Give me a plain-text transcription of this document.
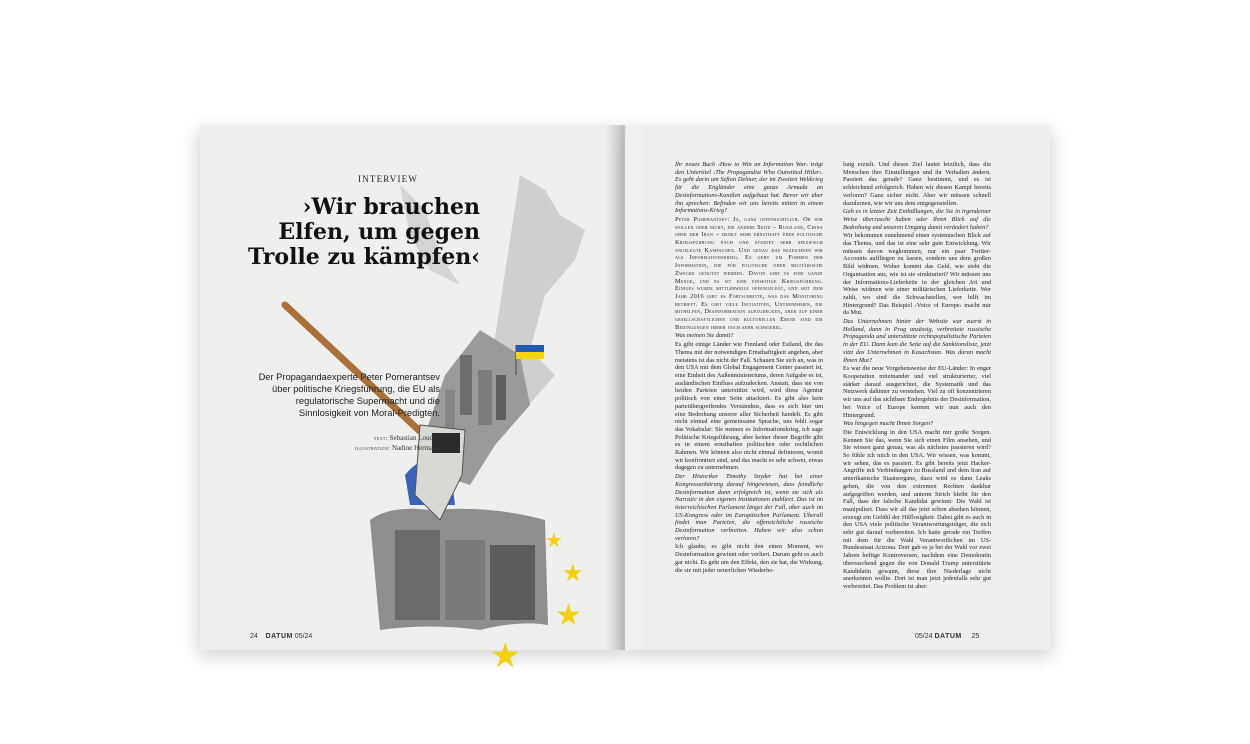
INTERVIEW
★
★
★
★
›Wir brauchen Elfen, um gegen Trolle zu kämpfen‹

Der Propagandaexperte Peter Pomerantsev über politische Kriegsführung, die EU als regulatorische Supermacht und die Sinnlosigkeit von Moral-Predigten.

text: Sebastian Loudon
illustration: Nadine Hermann
24 DATUM 05/24

Ihr neues Buch ›How to Win an Information War‹ trägt den Untertitel ›The Propagandist Who Outwitted Hitler‹. Es geht darin um Sefton Delmer, der im Zweiten Weltkrieg für die Engländer eine ganze Armada an Desinformations-Kanälen aufgebaut hat. Bevor wir über ihn sprechen: Befinden wir uns bereits mitten in einem Informations-Krieg?

Peter Pomerantsev: Ja, ganz offensichtlich. Ob wir wollen oder nicht, die andere Seite – Russland, China oder der Iran – denkt sehr ernsthaft über politische Kriegsführung nach und startet sehr spezifisch angelegte Kampagnen. Und genau das bezeichnen wir als Informationskrieg. Es geht um Formen der Information, die für politische oder militärische Zwecke genutzt werden. Davon gibt es eine ganze Menge, und es ist eine einseitige Kriegsführung. Einiges wurde mittlerweile offengelegt, und seit dem Jahr 2016 gibt es Fortschritte, was das Monitoring betrifft. Es gibt viele Initiativen, Unternehmen, die mithelfen, Desinformation aufzudecken, aber auf einer gesellschaftlichen und kulturellen Ebene sind die Bedingungen immer noch sehr schwierig.

Was meinen Sie damit?

Es gibt einige Länder wie Finnland oder Estland, die das Thema mit der notwendigen Ernsthaftigkeit angehen, aber meistens ist das nicht der Fall. Schauen Sie sich an, was in den USA mit dem Global Engagement Center passiert ist, eine Einheit des Außenministeriums, deren Aufgabe es ist, ausländischen Einfluss aufzudecken. Anstatt, dass sie von beiden Parteien unterstützt wird, wird diese Agentur politisch von einer Seite attackiert. Es gibt also kein parteiübergreifendes Verständnis, dass es sich hier um eine Bedrohung unserer aller Sicherheit handelt. Es gibt nicht einmal eine gemeinsame Sprache, uns fehlt sogar das Vokabular: Sie nennen es Informationskrieg, ich sage Politische Kriegsführung, aber keiner dieser Begriffe gibt es in einem ernsthaften politischen oder rechtlichen Rahmen. Wir können also nicht einmal definieren, womit wir konfrontiert sind, und das macht es sehr schwer, etwas dagegen zu unternehmen.

Der Historiker Timothy Snyder hat bei einer Kongressanhörung darauf hingewiesen, dass feindliche Desinformation dann erfolgreich ist, wenn sie sich als Narrativ in den eigenen Institutionen etabliert. Das ist im österreichischen Parlament längst der Fall, aber auch im US-Kongress oder im Europäischen Parlament. Überall findet man Parteien, die offensichtliche russische Desinformation verbreiten. Haben wir also schon verloren?

Ich glaube, es gibt nicht den einen Moment, wo Desinformation gewinnt oder verliert. Darum geht es auch gar nicht. Es geht um den Effekt, den sie hat, die Wirkung, die sie mit jeder neuerlichen Wiederho-

lung erzielt. Und dieses Ziel lautet letztlich, dass die Menschen ihre Einstellungen und ihr Verhalten ändern. Passiert das gerade? Ganz bestimmt, und es ist schleichend erfolgreich. Haben wir diesen Kampf bereits verloren? Ganz sicher nicht. Aber wir müssen schnell dazulernen, wie wir uns dem entgegenstellen.

Gab es in letzter Zeit Enthüllungen, die Sie in irgendeiner Weise überrascht haben oder Ihren Blick auf die Bedrohung und unseren Umgang damit verändert haben?

Wir bekommen zunehmend einen systemischen Blick auf das Thema, und das ist eine sehr gute Entwicklung. Wir müssen davon wegkommen, nur ein paar Twitter-Accounts auffliegen zu lassen, sondern uns dem großen Bild widmen. Woher kommt das Geld, wie sieht die Organisation aus, wie ist sie strukturiert? Wir müssen uns der Informations-Lieferkette in der gleichen Art und Weise widmen wie einer militärischen Lieferkette. Wer zahlt, wo sind die Schwachstellen, wer hilft im Hintergrund? Das Beispiel ›Voice of Europe‹ macht mir da Mut.

Das Unternehmen hinter der Website war zuerst in Holland, dann in Prag ansässig, verbreitete russische Propaganda und unterstützte rechtspopulistische Parteien in der EU. Dann kam die Seite auf die Sanktionsliste, jetzt sitzt das Unternehmen in Kasachstan. Was daran macht Ihnen Mut?

Es war die neue Vorgehensweise der EU-Länder: In enger Kooperation miteinander und viel strukturierter, viel stärker darauf ausgerichtet, die Systematik und das Netzwerk dahinter zu verstehen. Viel zu oft konzentrieren wir uns auf das sichtbare Endergebnis der Desinformation, bei Voice of Europe kennen wir nun auch den Hintergrund.

Was hingegen macht Ihnen Sorgen?

Die Entwicklung in den USA macht mir große Sorgen. Kennen Sie das, wenn Sie sich einen Film ansehen, und Sie wissen ganz genau, was als nächstes passieren wird? So fühle ich mich in den USA. Wir wissen, was kommt, wir sehen, das es passiert. Es gibt bereits jetzt Hacker-Angriffe mit Verbindungen zu Russland und dem Iran auf amerikanische Staatsorgane, dazu wird es dann Leaks geben, die von den extremen Rechten dankbar aufgegriffen werden, und unterm Strich bleibt für den Fall, dass der falsche Kandidat gewinnt: Die Wahl ist manipuliert. Dass wir all das jetzt schon absehen können, erzeugt ein Gefühl der Hilflosigkeit. Dabei gibt es auch in den USA viele politische Verantwortungsträger, die sich sehr gut darauf vorbereiten. Ich hatte gerade ein Treffen mit dem für die Wahl Verantwortlichen im US-Bundesstaat Arizona. Dort gab es ja bei der Wahl vor zwei Jahren heftige Kontroversen, nachdem eine Demokratin überraschend gegen die von Donald Trump unterstützte Kandidatin gewann, diese ihre Niederlage nicht anerkennen wollte. Dort ist man jetzt jedenfalls sehr gut vorbereitet. Das Problem ist aber:

05/24 DATUM 25
